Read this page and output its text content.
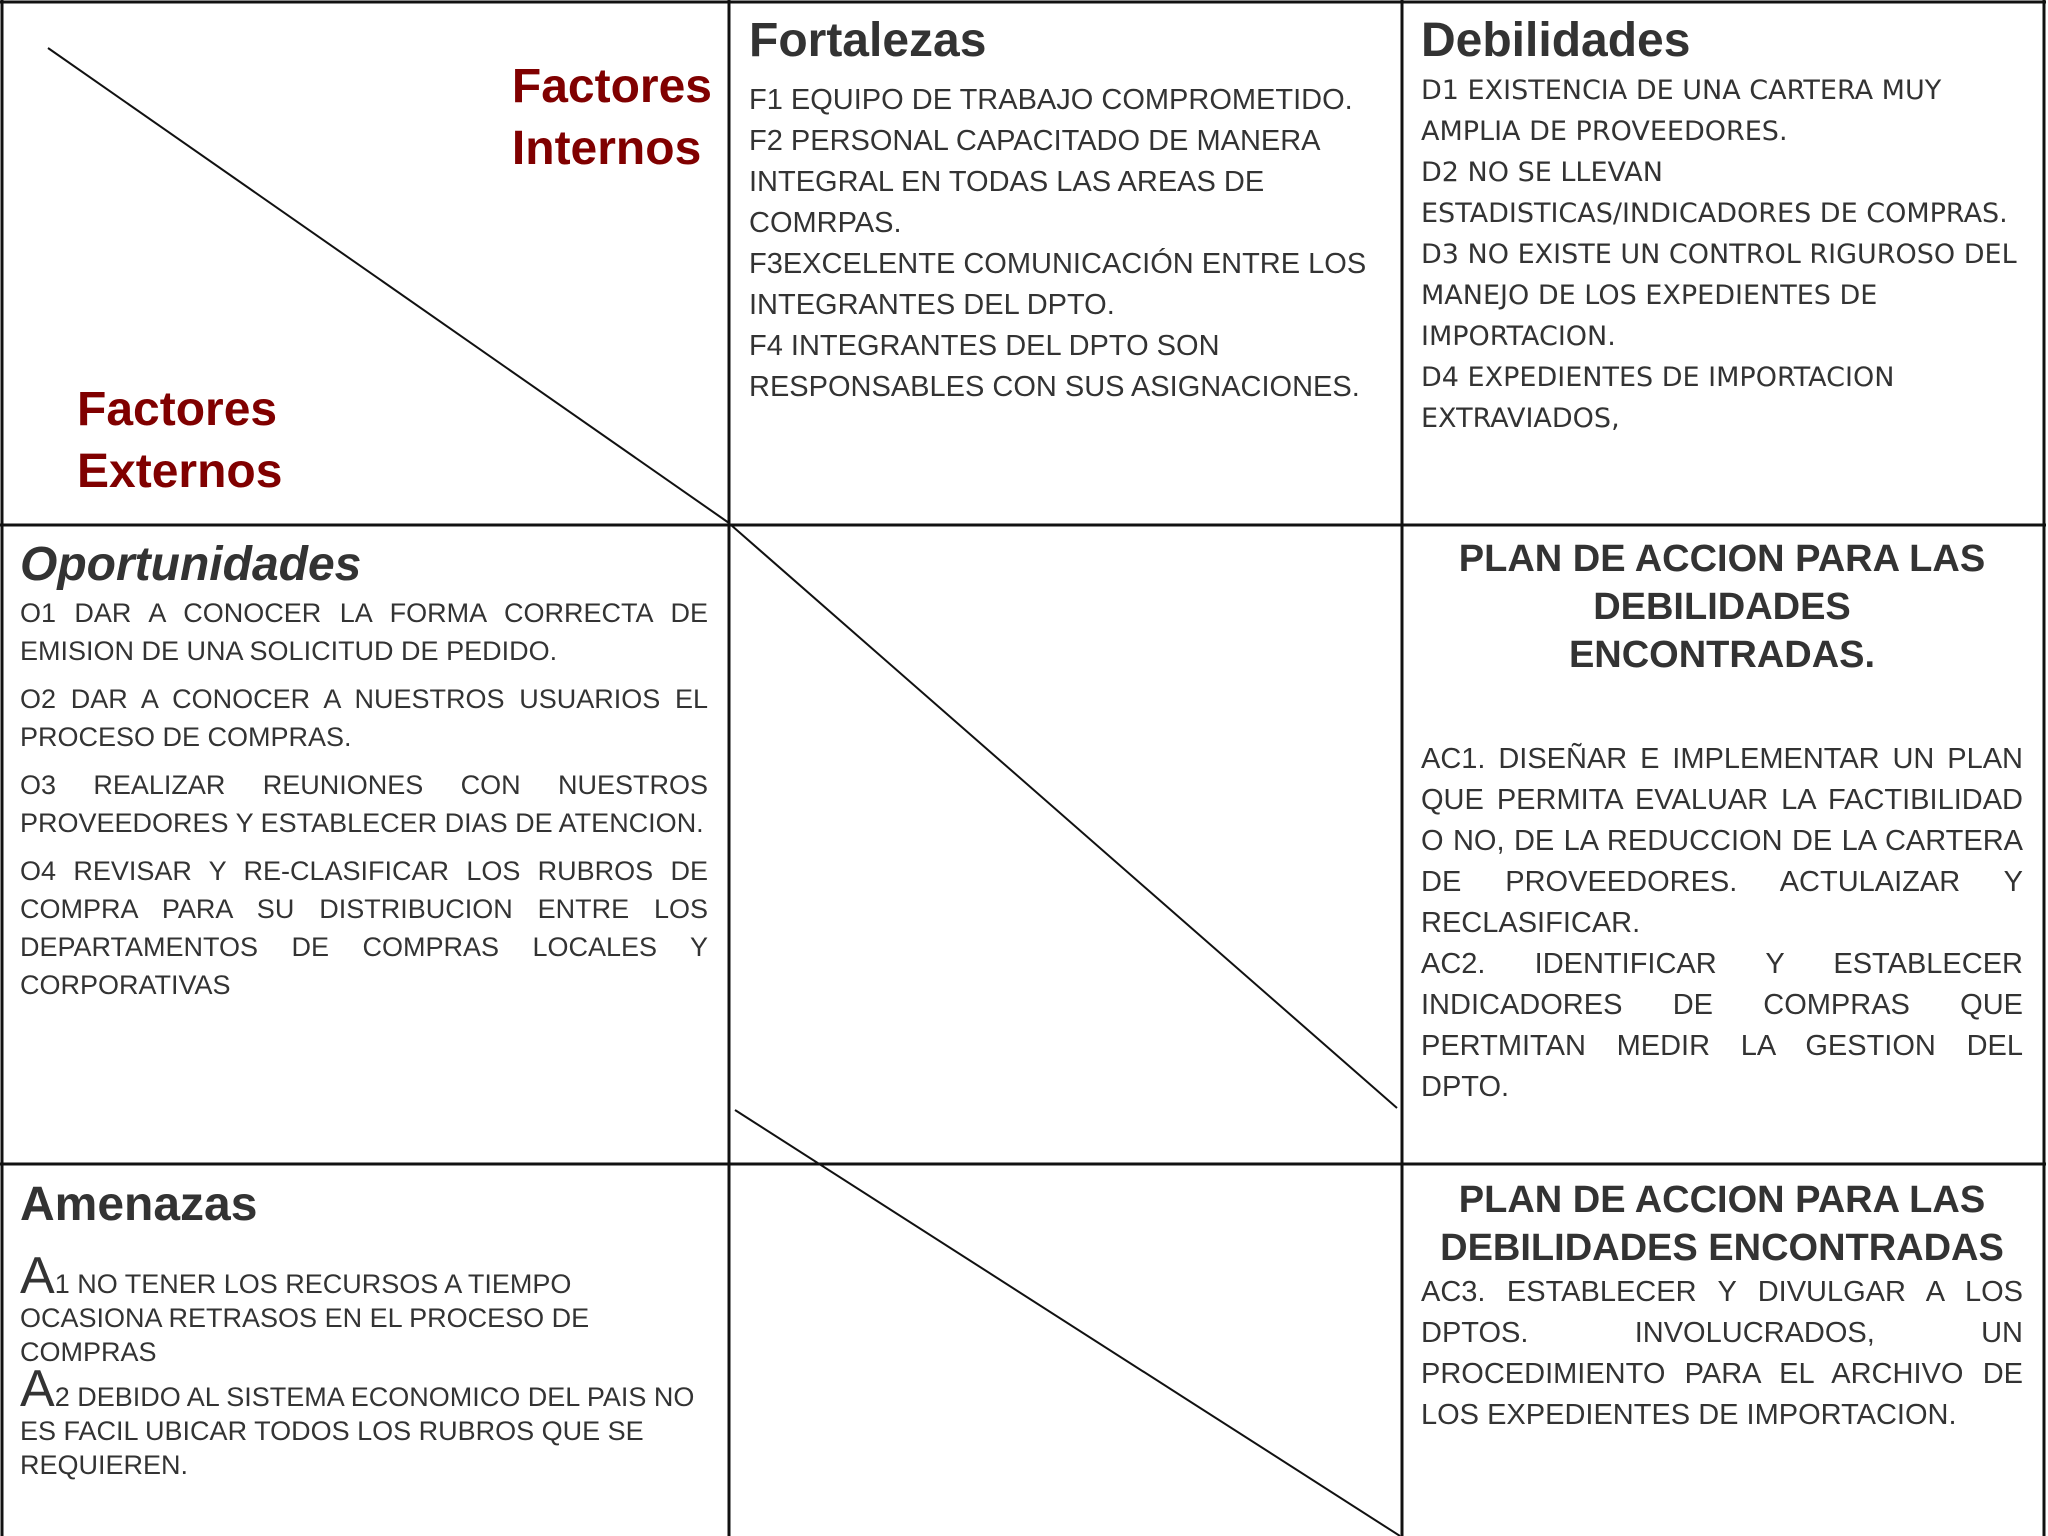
Factores
Internos
Factores
Externos
Fortalezas

F1 EQUIPO DE TRABAJO COMPROMETIDO.

F2 PERSONAL CAPACITADO DE MANERA INTEGRAL EN TODAS LAS AREAS DE COMRPAS.

F3EXCELENTE COMUNICACIÓN ENTRE LOS INTEGRANTES DEL DPTO.

F4 INTEGRANTES DEL DPTO SON RESPONSABLES CON SUS ASIGNACIONES.

Debilidades

D1 EXISTENCIA DE UNA CARTERA MUY AMPLIA DE PROVEEDORES.

D2 NO SE LLEVAN ESTADISTICAS/INDICADORES DE COMPRAS.

D3 NO EXISTE UN CONTROL RIGUROSO DEL MANEJO DE LOS EXPEDIENTES DE IMPORTACION.

D4 EXPEDIENTES DE IMPORTACION EXTRAVIADOS,

Oportunidades

O1 DAR A CONOCER LA FORMA CORRECTA DE EMISION DE UNA SOLICITUD DE PEDIDO.

O2 DAR A CONOCER A NUESTROS USUARIOS EL PROCESO DE COMPRAS.

O3 REALIZAR REUNIONES CON NUESTROS PROVEEDORES Y ESTABLECER DIAS DE ATENCION.

O4 REVISAR Y RE-CLASIFICAR LOS RUBROS DE COMPRA PARA SU DISTRIBUCION ENTRE LOS DEPARTAMENTOS DE COMPRAS LOCALES Y CORPORATIVAS

PLAN DE ACCION PARA LAS

DEBILIDADES

ENCONTRADAS.

AC1. DISEÑAR E IMPLEMENTAR UN PLAN QUE PERMITA EVALUAR LA FACTIBILIDAD O NO, DE LA REDUCCION DE LA CARTERA DE PROVEEDORES. ACTULAIZAR Y RECLASIFICAR.

AC2. IDENTIFICAR Y ESTABLECER INDICADORES DE COMPRAS QUE PERTMITAN MEDIR LA GESTION DEL DPTO.

Amenazas

A1 NO TENER LOS RECURSOS A TIEMPO OCASIONA RETRASOS EN EL PROCESO DE COMPRAS

A2 DEBIDO AL SISTEMA ECONOMICO DEL PAIS NO ES FACIL UBICAR TODOS LOS RUBROS QUE SE REQUIEREN.

PLAN DE ACCION PARA LAS

DEBILIDADES ENCONTRADAS

AC3. ESTABLECER Y DIVULGAR A LOS DPTOS. INVOLUCRADOS, UN PROCEDIMIENTO PARA EL ARCHIVO DE LOS EXPEDIENTES DE IMPORTACION.
